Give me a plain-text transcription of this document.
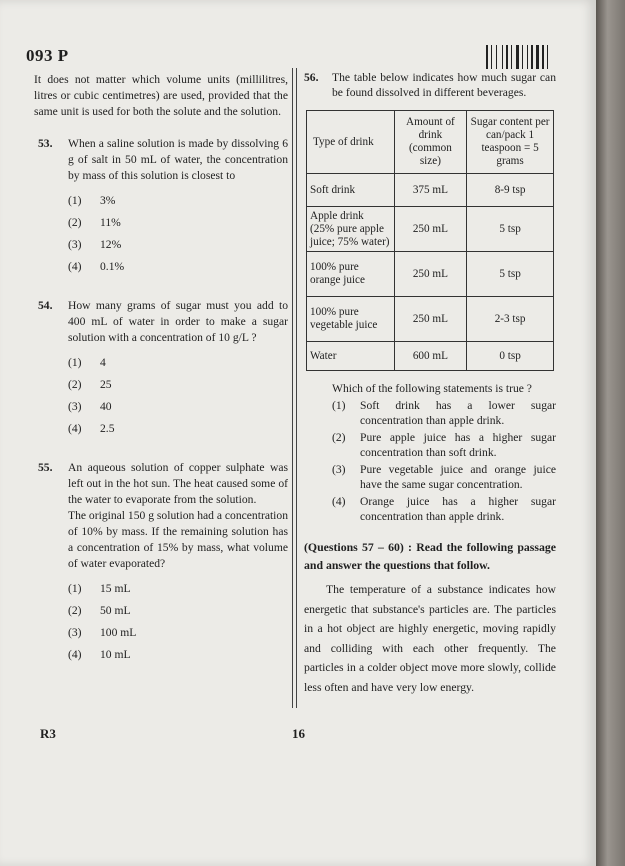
093 P

It does not matter which volume units (millilitres, litres or cubic centimetres) are used, provided that the same unit is used for both the solute and the solution.

53. When a saline solution is made by dissolving 6 g of salt in 50 mL of water, the concentration by mass of this solution is closest to
(1)	3%
(2)	11%
(3)	12%
(4)	0.1%
54. How many grams of sugar must you add to 400 mL of water in order to make a sugar solution with a concentration of 10 g/L ?
(1)	4
(2)	25
(3)	40
(4)	2.5
55. An aqueous solution of copper sulphate was left out in the hot sun. The heat caused some of the water to evaporate from the solution.

The original 150 g solution had a concentration of 10% by mass. If the remaining solution has a concentration of 15% by mass, what volume of water evaporated?

(1)	15 mL
(2)	50 mL
(3)	100 mL
(4)	10 mL
56. The table below indicates how much sugar can be found dissolved in different beverages.
Type of drink	Amount of drink (common size)	Sugar content per can/pack 1 teaspoon = 5 grams
Soft drink	375 mL	8-9 tsp
Apple drink (25% pure apple juice; 75% water)	250 mL	5 tsp
100% pure orange juice	250 mL	5 tsp
100% pure vegetable juice	250 mL	2-3 tsp
Water	600 mL	0 tsp
Which of the following statements is true ?
(1)	Soft drink has a lower sugar concentration than apple drink.
(2)	Pure apple juice has a higher sugar concentration than soft drink.
(3)	Pure vegetable juice and orange juice have the same sugar concentration.
(4)	Orange juice has a higher sugar concentration than apple drink.
(Questions 57 – 60) : Read the following passage and answer the questions that follow.
The temperature of a substance indicates how energetic that substance's particles are. The particles in a hot object are highly energetic, moving rapidly and colliding with each other frequently. The particles in a colder object move more slowly, collide less often and have very low energy.
R3	16
